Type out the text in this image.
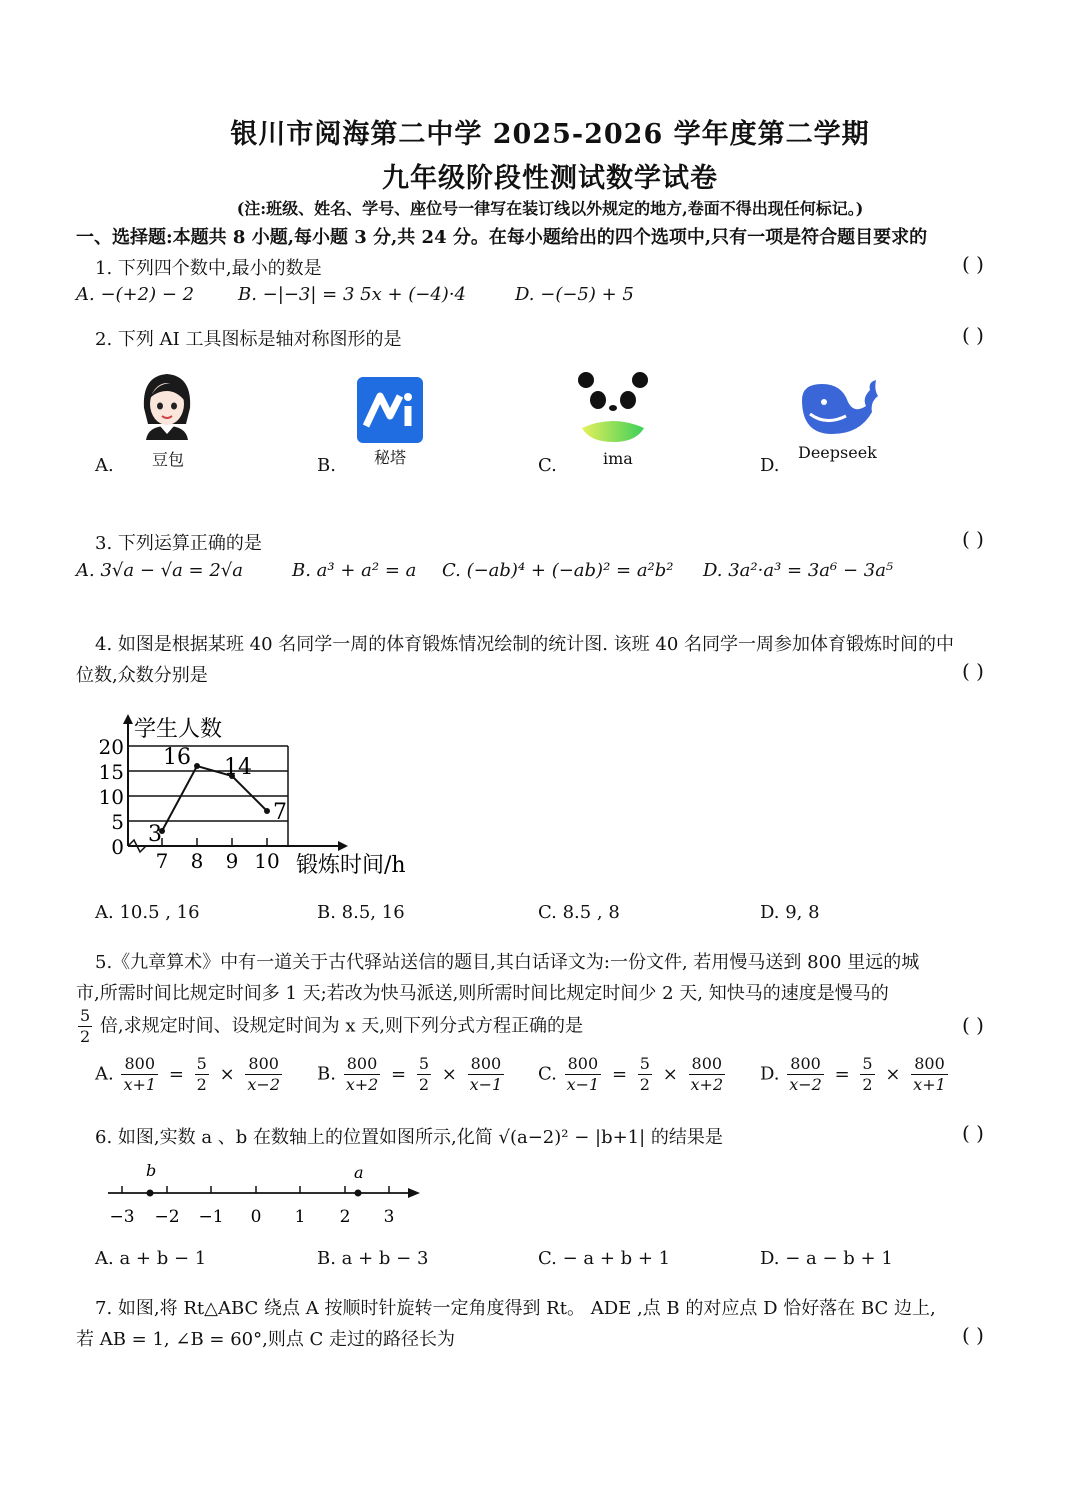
银川市阅海第二中学 2025-2026 学年度第二学期
九年级阶段性测试数学试卷
(注:班级、姓名、学号、座位号一律写在装订线以外规定的地方,卷面不得出现任何标记。)
一、选择题:本题共 8 小题,每小题 3 分,共 24 分。在每小题给出的四个选项中,只有一项是符合题目要求的
1. 下列四个数中,最小的数是	( )
A. −(+2) − 2 B. −|−3| = 3 5x + (−4)·4	D. −(−5) + 5
2. 下列 AI 工具图标是轴对称图形的是	( )
A.	B.	C.	D.
豆包	秘塔	ima	Deepseek
3. 下列运算正确的是	( )
A. 3√a − √a = 2√a	B. a³ + a² = a C. (−ab)⁴ + (−ab)² = a²b² D. 3a²·a³ = 3a⁶ − 3a⁵
4. 如图是根据某班 40 名同学一周的体育锻炼情况绘制的统计图. 该班 40 名同学一周参加体育锻炼时间的中
位数,众数分别是	( )
学生人数
锻炼时间/h
0
5
10
15
20
7 8 9 10
3
16 14
7
A. 10.5 , 16	B. 8.5, 16	C. 8.5 , 8	D. 9, 8
5.《九章算术》中有一道关于古代驿站送信的题目,其白话译文为:一份文件, 若用慢马送到 800 里远的城
市,所需时间比规定时间多 1 天;若改为快马派送,则所需时间比规定时间少 2 天, 知快马的速度是慢马的
$\frac{5}{2}$ 倍,求规定时间、设规定时间为 x 天,则下列分式方程正确的是	( )
A. $\frac{800}{x+1} = \frac{5}{2} \times \frac{800}{x-2} B$. $\frac{800}{x+2} = \frac{5}{2} \times \frac{800}{x-1} C$. $\frac{800}{x-1} = \frac{5}{2} \times \frac{800}{x+2} D$. $\frac{800}{x-2} = \frac{5}{2} \times \frac{800}{x+1}$
6. 如图,实数 a 、b 在数轴上的位置如图所示,化简 √(a−2)² − |b+1| 的结果是	( )
−3 −2 −1 0 1 2 3
b	a
A. a + b − 1	B. a + b − 3	C. − a + b + 1	D. − a − b + 1
7. 如图,将 Rt△ABC 绕点 A 按顺时针旋转一定角度得到 Rt。 ADE ,点 B 的对应点 D 恰好落在 BC 边上,
若 AB = 1, ∠B = 60°,则点 C 走过的路径长为	( )
